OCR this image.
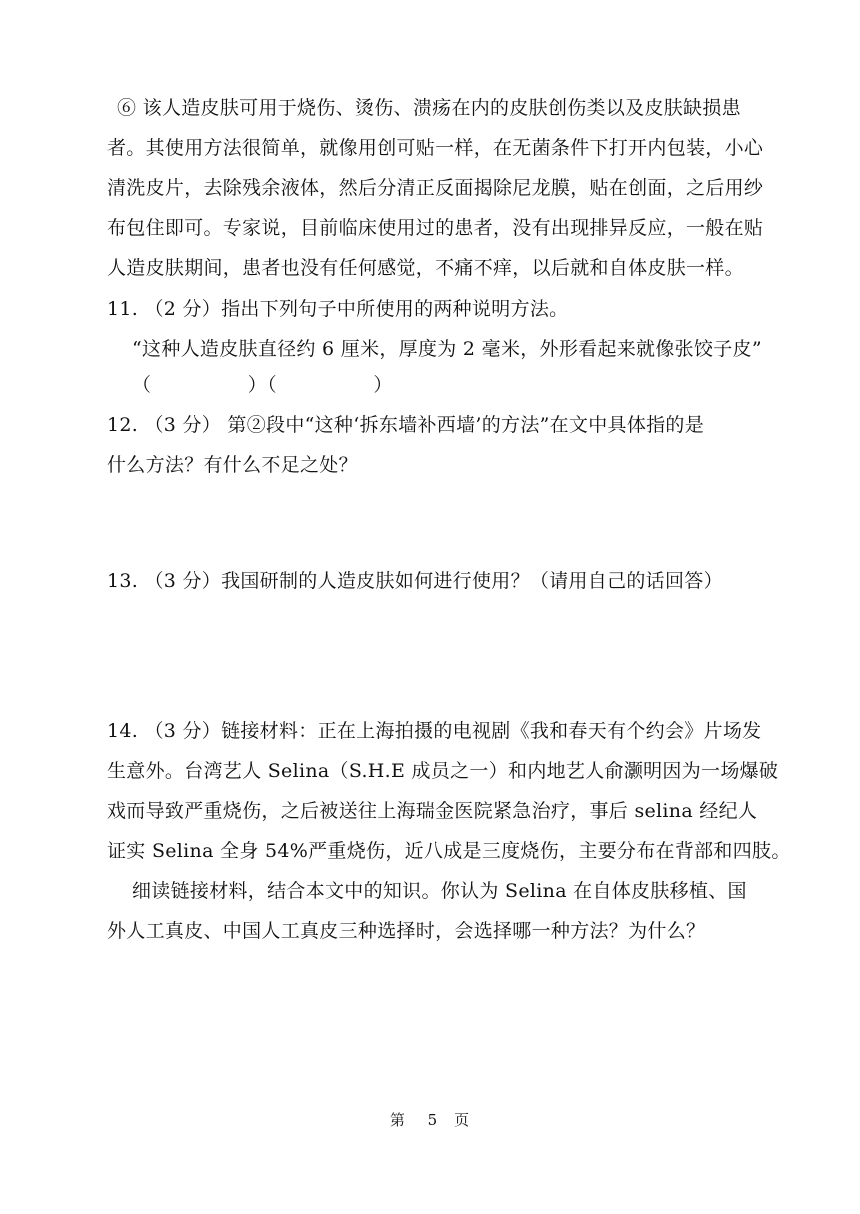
⑥ 该人造皮肤可用于烧伤、烫伤、溃疡在内的皮肤创伤类以及皮肤缺损患
者。其使用方法很简单，就像用创可贴一样，在无菌条件下打开内包装，小心
清洗皮片，去除残余液体，然后分清正反面揭除尼龙膜，贴在创面，之后用纱
布包住即可。专家说，目前临床使用过的患者，没有出现排异反应，一般在贴
人造皮肤期间，患者也没有任何感觉，不痛不痒，以后就和自体皮肤一样。
11. （2 分）指出下列句子中所使用的两种说明方法。
“这种人造皮肤直径约 6 厘米，厚度为 2 毫米，外形看起来就像张饺子皮”
（　　　　　）（　　　　　）
12. （3 分） 第②段中“这种‘拆东墙补西墙’的方法”在文中具体指的是
什么方法？有什么不足之处？
13. （3 分）我国研制的人造皮肤如何进行使用？（请用自己的话回答）
14. （3 分）链接材料：正在上海拍摄的电视剧《我和春天有个约会》片场发
生意外。台湾艺人 Selina（S.H.E 成员之一）和内地艺人俞灏明因为一场爆破
戏而导致严重烧伤，之后被送往上海瑞金医院紧急治疗，事后 selina 经纪人
证实 Selina 全身 54%严重烧伤，近八成是三度烧伤，主要分布在背部和四肢。
细读链接材料，结合本文中的知识。你认为 Selina 在自体皮肤移植、国
外人工真皮、中国人工真皮三种选择时，会选择哪一种方法？为什么？
第　 5　页
